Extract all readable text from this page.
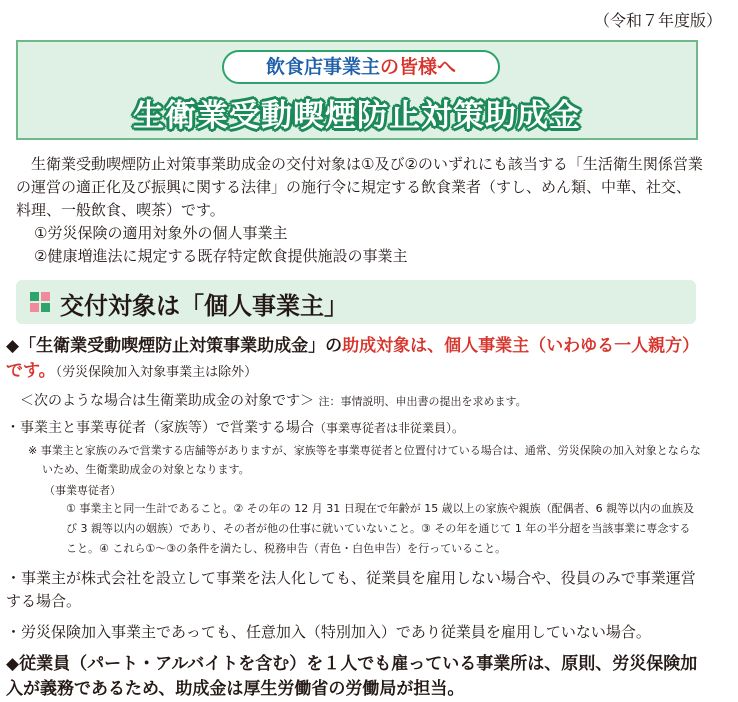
（令和７年度版）
飲食店事業主の皆様へ
生衛業受動喫煙防止対策助成金

生衛業受動喫煙防止対策事業助成金の交付対象は①及び②のいずれにも該当する「生活衛生関係営業の運営の適正化及び振興に関する法律」の施行令に規定する飲食業者（すし、めん類、中華、社交、料理、一般飲食、喫茶）です。

①労災保険の適用対象外の個人事業主

②健康増進法に規定する既存特定飲食提供施設の事業主

交付対象は「個人事業主」

◆「生衛業受動喫煙防止対策事業助成金」の助成対象は、個人事業主（いわゆる一人親方）です。（労災保険加入対象事業主は除外）

＜次のような場合は生衛業助成金の対象です＞ 注：事情説明、申出書の提出を求めます。

・事業主と事業専従者（家族等）で営業する場合（事業専従者は非従業員）。

※ 事業主と家族のみで営業する店舗等がありますが、家族等を事業専従者と位置付けている場合は、通常、労災保険の加入対象とならないため、生衛業助成金の対象となります。

（事業専従者）

① 事業主と同一生計であること。② その年の 12 月 31 日現在で年齢が 15 歳以上の家族や親族（配偶者、6 親等以内の血族及び 3 親等以内の姻族）であり、その者が他の仕事に就いていないこと。③ その年を通じて 1 年の半分超を当該事業に専念すること。④ これら①～③の条件を満たし、税務申告（青色・白色申告）を行っていること。

・事業主が株式会社を設立して事業を法人化しても、従業員を雇用しない場合や、役員のみで事業運営する場合。

・労災保険加入事業主であっても、任意加入（特別加入）であり従業員を雇用していない場合。

◆従業員（パート・アルバイトを含む）を１人でも雇っている事業所は、原則、労災保険加入が義務であるため、助成金は厚生労働省の労働局が担当。
